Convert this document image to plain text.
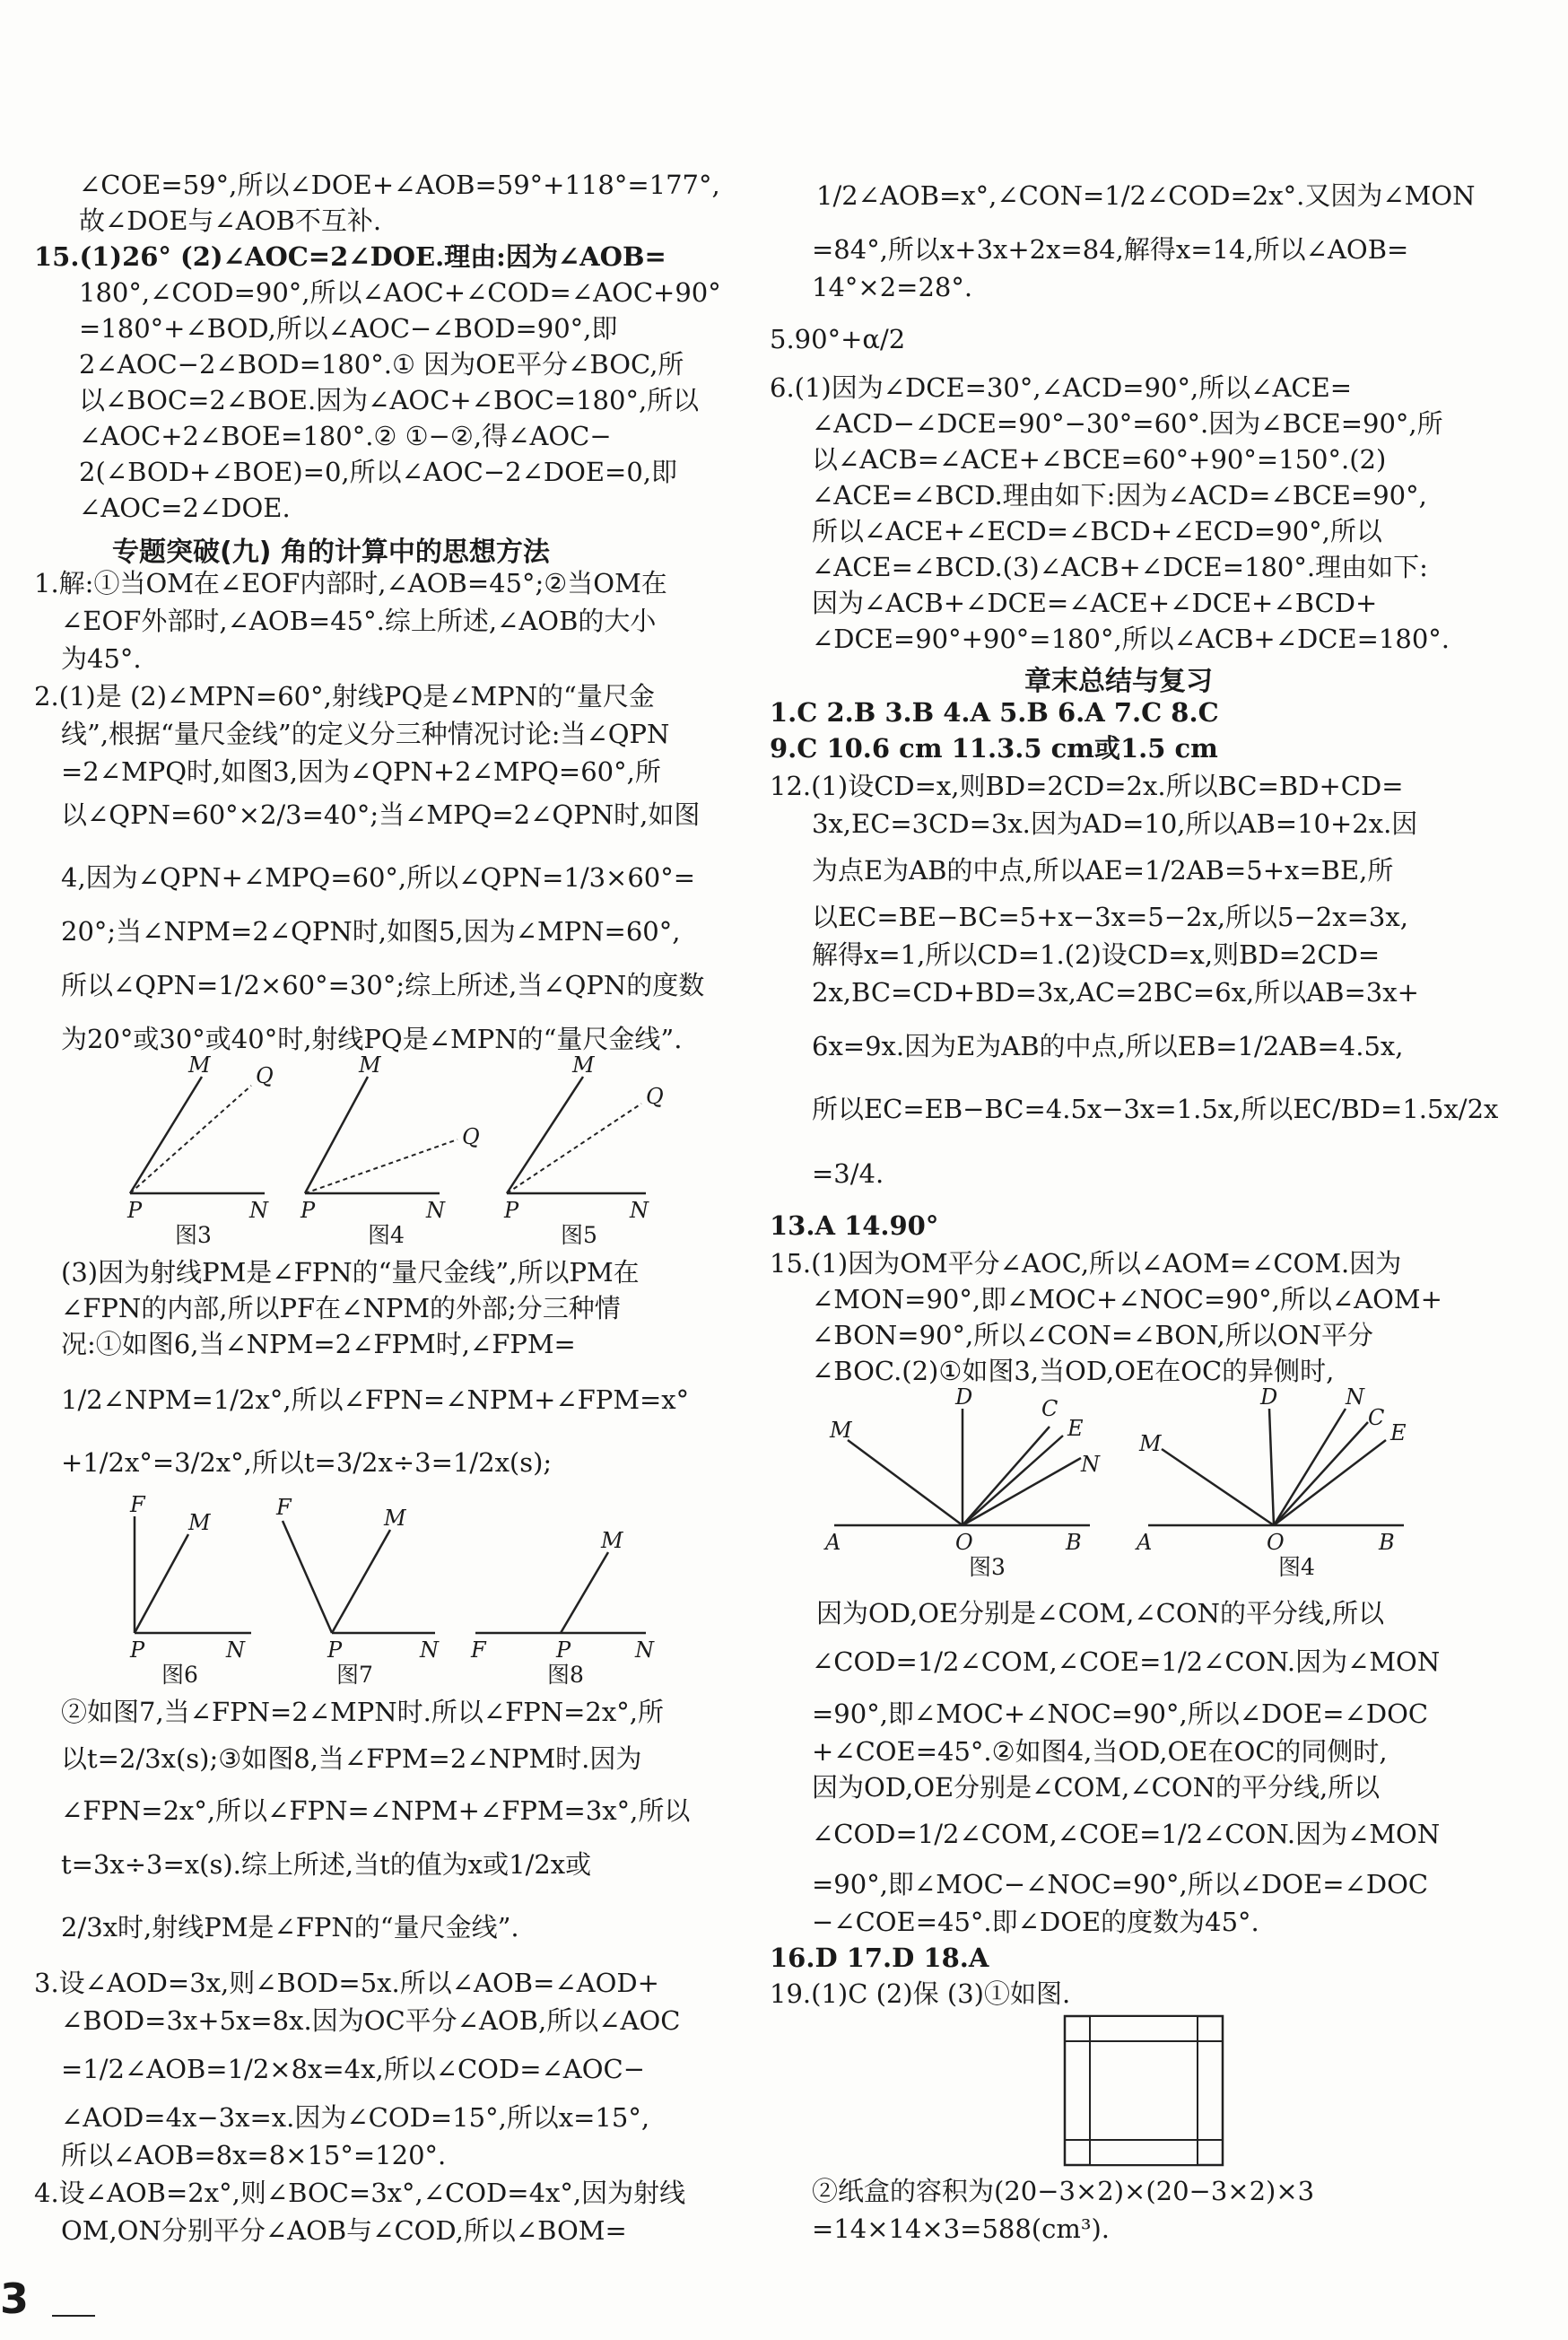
∠COE=59°,所以∠DOE+∠AOB=59°+118°=177°,
故∠DOE与∠AOB不互补.
15.(1)26° (2)∠AOC=2∠DOE.理由:因为∠AOB=
180°,∠COD=90°,所以∠AOC+∠COD=∠AOC+90°
=180°+∠BOD,所以∠AOC−∠BOD=90°,即
2∠AOC−2∠BOD=180°.① 因为OE平分∠BOC,所
以∠BOC=2∠BOE.因为∠AOC+∠BOC=180°,所以
∠AOC+2∠BOE=180°.② ①−②,得∠AOC−
2(∠BOD+∠BOE)=0,所以∠AOC−2∠DOE=0,即
∠AOC=2∠DOE.
专题突破(九) 角的计算中的思想方法
1.解:①当OM在∠EOF内部时,∠AOB=45°;②当OM在
∠EOF外部时,∠AOB=45°.综上所述,∠AOB的大小
为45°.
2.(1)是 (2)∠MPN=60°,射线PQ是∠MPN的“量尺金
线”,根据“量尺金线”的定义分三种情况讨论:当∠QPN
=2∠MPQ时,如图3,因为∠QPN+2∠MPQ=60°,所
以∠QPN=60°×2/3=40°;当∠MPQ=2∠QPN时,如图
4,因为∠QPN+∠MPQ=60°,所以∠QPN=1/3×60°=
20°;当∠NPM=2∠QPN时,如图5,因为∠MPN=60°,
所以∠QPN=1/2×60°=30°;综上所述,当∠QPN的度数
为20°或30°或40°时,射线PQ是∠MPN的“量尺金线”.
M Q
P	N
图3
M
Q
P	N
图4
M
Q
P	N
图5
(3)因为射线PM是∠FPN的“量尺金线”,所以PM在
∠FPN的内部,所以PF在∠NPM的外部;分三种情
况:①如图6,当∠NPM=2∠FPM时,∠FPM=
1/2∠NPM=1/2x°,所以∠FPN=∠NPM+∠FPM=x°
+1/2x°=3/2x°,所以t=3/2x÷3=1/2x(s);
F
M
P	N
图6
F	M
P	N
图7
M
F	P	N
图8
②如图7,当∠FPN=2∠MPN时.所以∠FPN=2x°,所
以t=2/3x(s);③如图8,当∠FPM=2∠NPM时.因为
∠FPN=2x°,所以∠FPN=∠NPM+∠FPM=3x°,所以
t=3x÷3=x(s).综上所述,当t的值为x或1/2x或
2/3x时,射线PM是∠FPN的“量尺金线”.
3.设∠AOD=3x,则∠BOD=5x.所以∠AOB=∠AOD+
∠BOD=3x+5x=8x.因为OC平分∠AOB,所以∠AOC
=1/2∠AOB=1/2×8x=4x,所以∠COD=∠AOC−
∠AOD=4x−3x=x.因为∠COD=15°,所以x=15°,
所以∠AOB=8x=8×15°=120°.
4.设∠AOB=2x°,则∠BOC=3x°,∠COD=4x°,因为射线
OM,ON分别平分∠AOB与∠COD,所以∠BOM=
1/2∠AOB=x°,∠CON=1/2∠COD=2x°.又因为∠MON
=84°,所以x+3x+2x=84,解得x=14,所以∠AOB=
14°×2=28°.
5.90°+α/2
6.(1)因为∠DCE=30°,∠ACD=90°,所以∠ACE=
∠ACD−∠DCE=90°−30°=60°.因为∠BCE=90°,所
以∠ACB=∠ACE+∠BCE=60°+90°=150°.(2)
∠ACE=∠BCD.理由如下:因为∠ACD=∠BCE=90°,
所以∠ACE+∠ECD=∠BCD+∠ECD=90°,所以
∠ACE=∠BCD.(3)∠ACB+∠DCE=180°.理由如下:
因为∠ACB+∠DCE=∠ACE+∠DCE+∠BCD+
∠DCE=90°+90°=180°,所以∠ACB+∠DCE=180°.
章末总结与复习
1.C 2.B 3.B 4.A 5.B 6.A 7.C 8.C
9.C 10.6 cm 11.3.5 cm或1.5 cm
12.(1)设CD=x,则BD=2CD=2x.所以BC=BD+CD=
3x,EC=3CD=3x.因为AD=10,所以AB=10+2x.因
为点E为AB的中点,所以AE=1/2AB=5+x=BE,所
以EC=BE−BC=5+x−3x=5−2x,所以5−2x=3x,
解得x=1,所以CD=1.(2)设CD=x,则BD=2CD=
2x,BC=CD+BD=3x,AC=2BC=6x,所以AB=3x+
6x=9x.因为E为AB的中点,所以EB=1/2AB=4.5x,
所以EC=EB−BC=4.5x−3x=1.5x,所以EC/BD=1.5x/2x
=3/4.
13.A 14.90°
15.(1)因为OM平分∠AOC,所以∠AOM=∠COM.因为
∠MON=90°,即∠MOC+∠NOC=90°,所以∠AOM+
∠BON=90°,所以∠CON=∠BON,所以ON平分
∠BOC.(2)①如图3,当OD,OE在OC的异侧时,
D
M
C
E
N
A	O	B
图3
D
M
N
C
E
A	O	B
图4
因为OD,OE分别是∠COM,∠CON的平分线,所以
∠COD=1/2∠COM,∠COE=1/2∠CON.因为∠MON
=90°,即∠MOC+∠NOC=90°,所以∠DOE=∠DOC
+∠COE=45°.②如图4,当OD,OE在OC的同侧时,
因为OD,OE分别是∠COM,∠CON的平分线,所以
∠COD=1/2∠COM,∠COE=1/2∠CON.因为∠MON
=90°,即∠MOC−∠NOC=90°,所以∠DOE=∠DOC
−∠COE=45°.即∠DOE的度数为45°.
16.D 17.D 18.A
19.(1)C (2)保 (3)①如图.
②纸盒的容积为(20−3×2)×(20−3×2)×3
=14×14×3=588(cm³).
3
